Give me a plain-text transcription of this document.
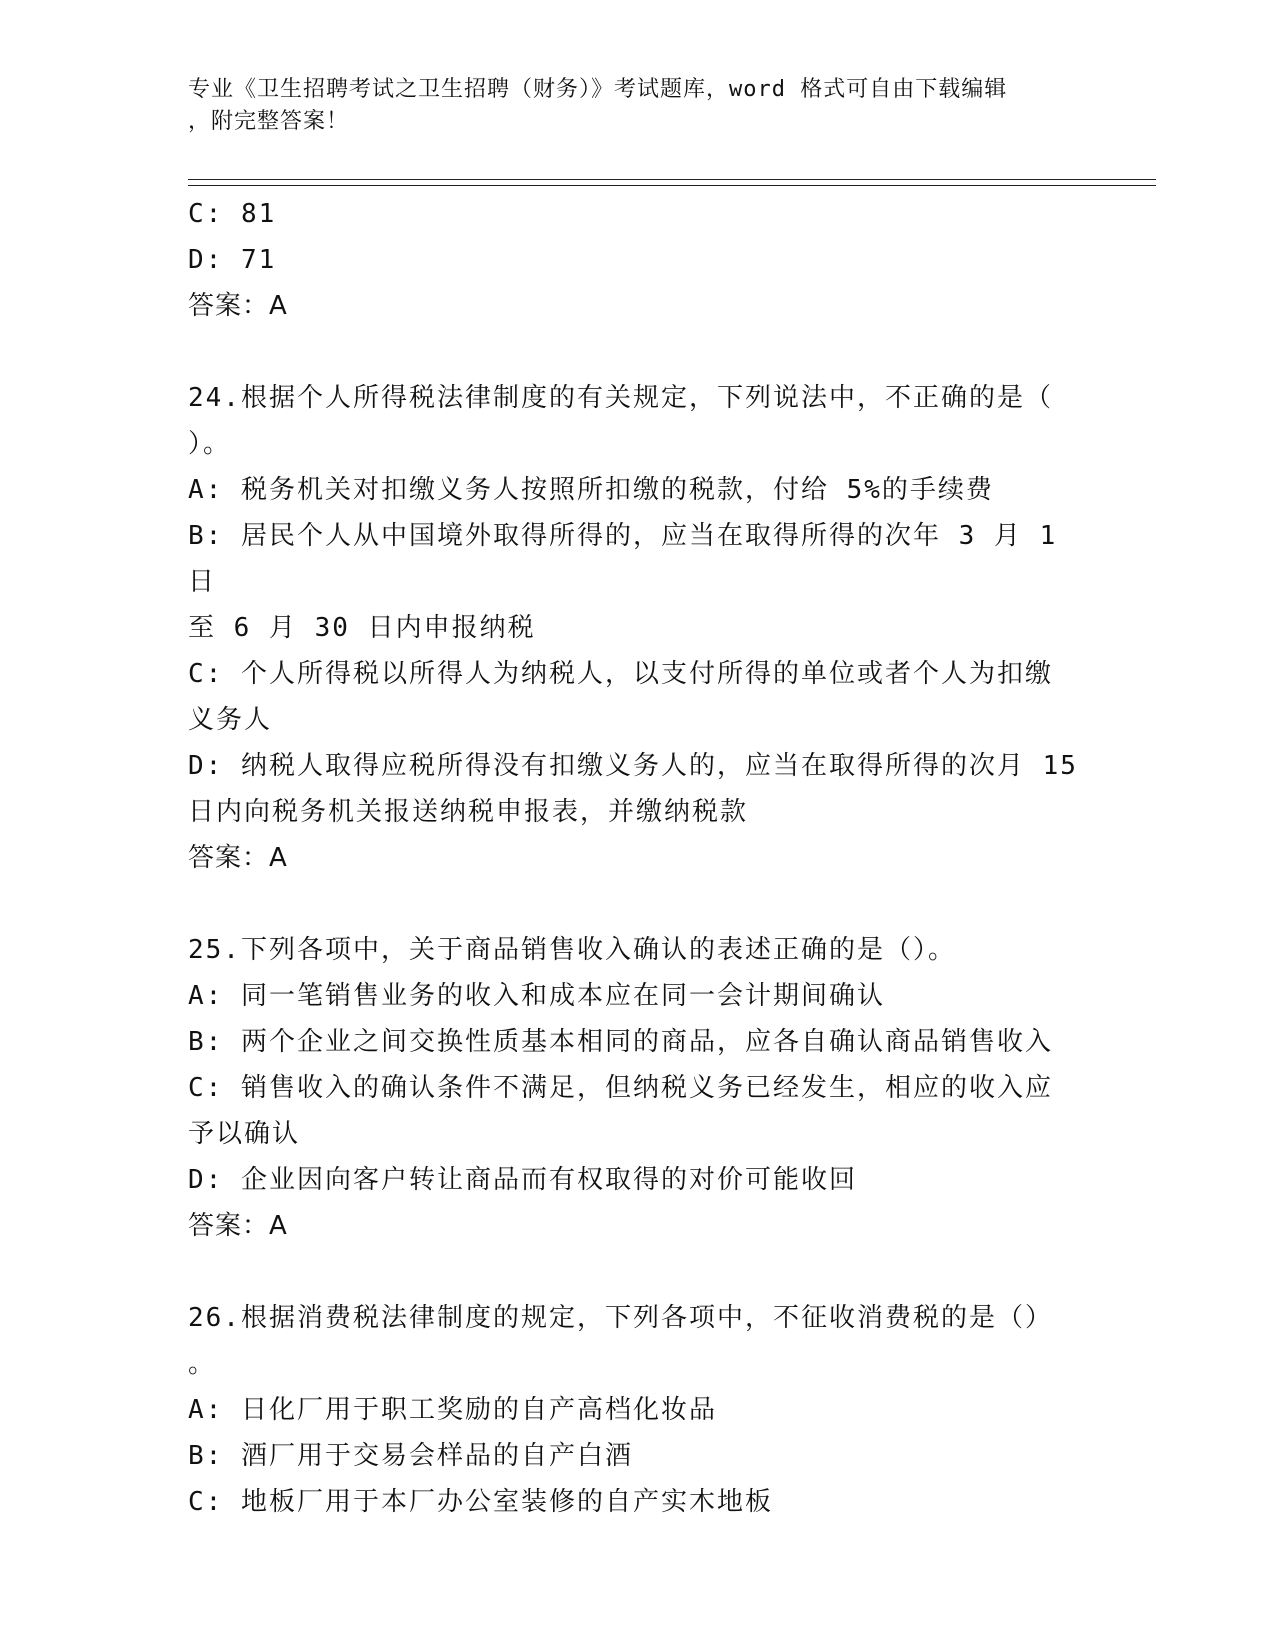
专业《卫生招聘考试之卫生招聘（财务）》考试题库，word 格式可自由下载编辑

，附完整答案！

C: 81

D: 71

答案：A

24.根据个人所得税法律制度的有关规定，下列说法中，不正确的是（

）。

A: 税务机关对扣缴义务人按照所扣缴的税款，付给 5%的手续费

B: 居民个人从中国境外取得所得的，应当在取得所得的次年 3 月 1 日

至 6 月 30 日内申报纳税

C: 个人所得税以所得人为纳税人，以支付所得的单位或者个人为扣缴

义务人

D: 纳税人取得应税所得没有扣缴义务人的，应当在取得所得的次月 15

日内向税务机关报送纳税申报表，并缴纳税款

答案：A

25.下列各项中，关于商品销售收入确认的表述正确的是（）。

A: 同一笔销售业务的收入和成本应在同一会计期间确认

B: 两个企业之间交换性质基本相同的商品，应各自确认商品销售收入

C: 销售收入的确认条件不满足，但纳税义务已经发生，相应的收入应

予以确认

D: 企业因向客户转让商品而有权取得的对价可能收回

答案：A

26.根据消费税法律制度的规定，下列各项中，不征收消费税的是（）

。

A: 日化厂用于职工奖励的自产高档化妆品

B: 酒厂用于交易会样品的自产白酒

C: 地板厂用于本厂办公室装修的自产实木地板
